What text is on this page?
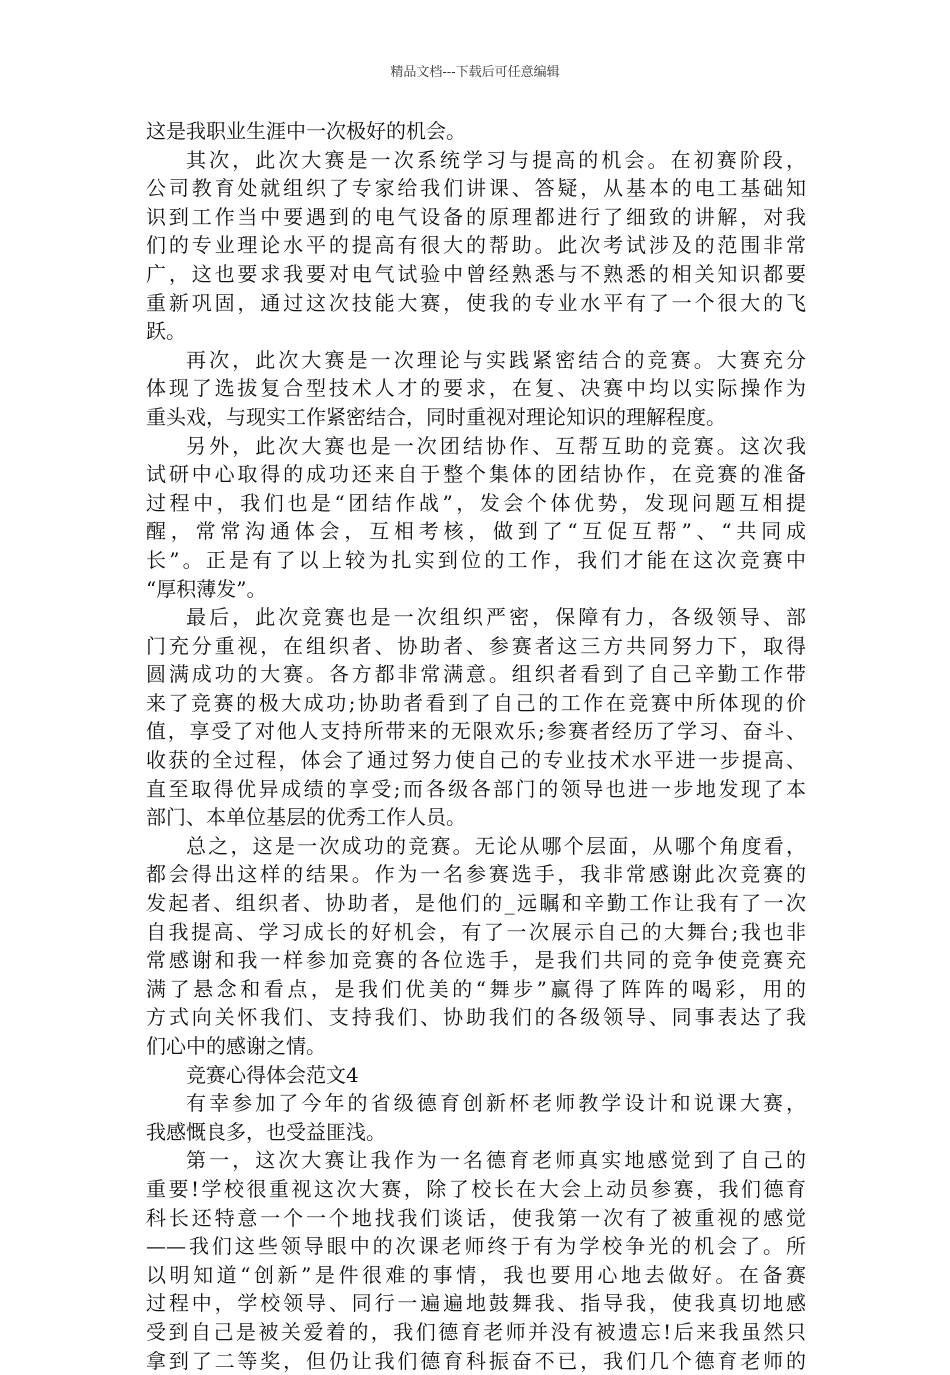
精品文档---下载后可任意编辑
这是我职业生涯中一次极好的机会。
其次，此次大赛是一次系统学习与提高的机会。在初赛阶段，
公司教育处就组织了专家给我们讲课、答疑，从基本的电工基础知
识到工作当中要遇到的电气设备的原理都进行了细致的讲解，对我
们的专业理论水平的提高有很大的帮助。此次考试涉及的范围非常
广，这也要求我要对电气试验中曾经熟悉与不熟悉的相关知识都要
重新巩固，通过这次技能大赛，使我的专业水平有了一个很大的飞
跃。
再次，此次大赛是一次理论与实践紧密结合的竞赛。大赛充分
体现了选拔复合型技术人才的要求，在复、决赛中均以实际操作为
重头戏，与现实工作紧密结合，同时重视对理论知识的理解程度。
另外，此次大赛也是一次团结协作、互帮互助的竞赛。这次我
试研中心取得的成功还来自于整个集体的团结协作，在竞赛的准备
过程中，我们也是“团结作战”，发会个体优势，发现问题互相提
醒，常常沟通体会，互相考核，做到了“互促互帮”、“共同成
长”。正是有了以上较为扎实到位的工作，我们才能在这次竞赛中
“厚积薄发”。
最后，此次竞赛也是一次组织严密，保障有力，各级领导、部
门充分重视，在组织者、协助者、参赛者这三方共同努力下，取得
圆满成功的大赛。各方都非常满意。组织者看到了自己辛勤工作带
来了竞赛的极大成功;协助者看到了自己的工作在竞赛中所体现的价
值，享受了对他人支持所带来的无限欢乐;参赛者经历了学习、奋斗、
收获的全过程，体会了通过努力使自己的专业技术水平进一步提高、
直至取得优异成绩的享受;而各级各部门的领导也进一步地发现了本
部门、本单位基层的优秀工作人员。
总之，这是一次成功的竞赛。无论从哪个层面，从哪个角度看，
都会得出这样的结果。作为一名参赛选手，我非常感谢此次竞赛的
发起者、组织者、协助者，是他们的_远瞩和辛勤工作让我有了一次
自我提高、学习成长的好机会，有了一次展示自己的大舞台;我也非
常感谢和我一样参加竞赛的各位选手，是我们共同的竞争使竞赛充
满了悬念和看点，是我们优美的“舞步”赢得了阵阵的喝彩，用的
方式向关怀我们、支持我们、协助我们的各级领导、同事表达了我
们心中的感谢之情。
竞赛心得体会范文4
有幸参加了今年的省级德育创新杯老师教学设计和说课大赛，
我感慨良多，也受益匪浅。
第一，这次大赛让我作为一名德育老师真实地感觉到了自己的
重要!学校很重视这次大赛，除了校长在大会上动员参赛，我们德育
科长还特意一个一个地找我们谈话，使我第一次有了被重视的感觉
——我们这些领导眼中的次课老师终于有为学校争光的机会了。所
以明知道“创新”是件很难的事情，我也要用心地去做好。在备赛
过程中，学校领导、同行一遍遍地鼓舞我、指导我，使我真切地感
受到自己是被关爱着的，我们德育老师并没有被遗忘!后来我虽然只
拿到了二等奖，但仍让我们德育科振奋不已，我们几个德育老师的
